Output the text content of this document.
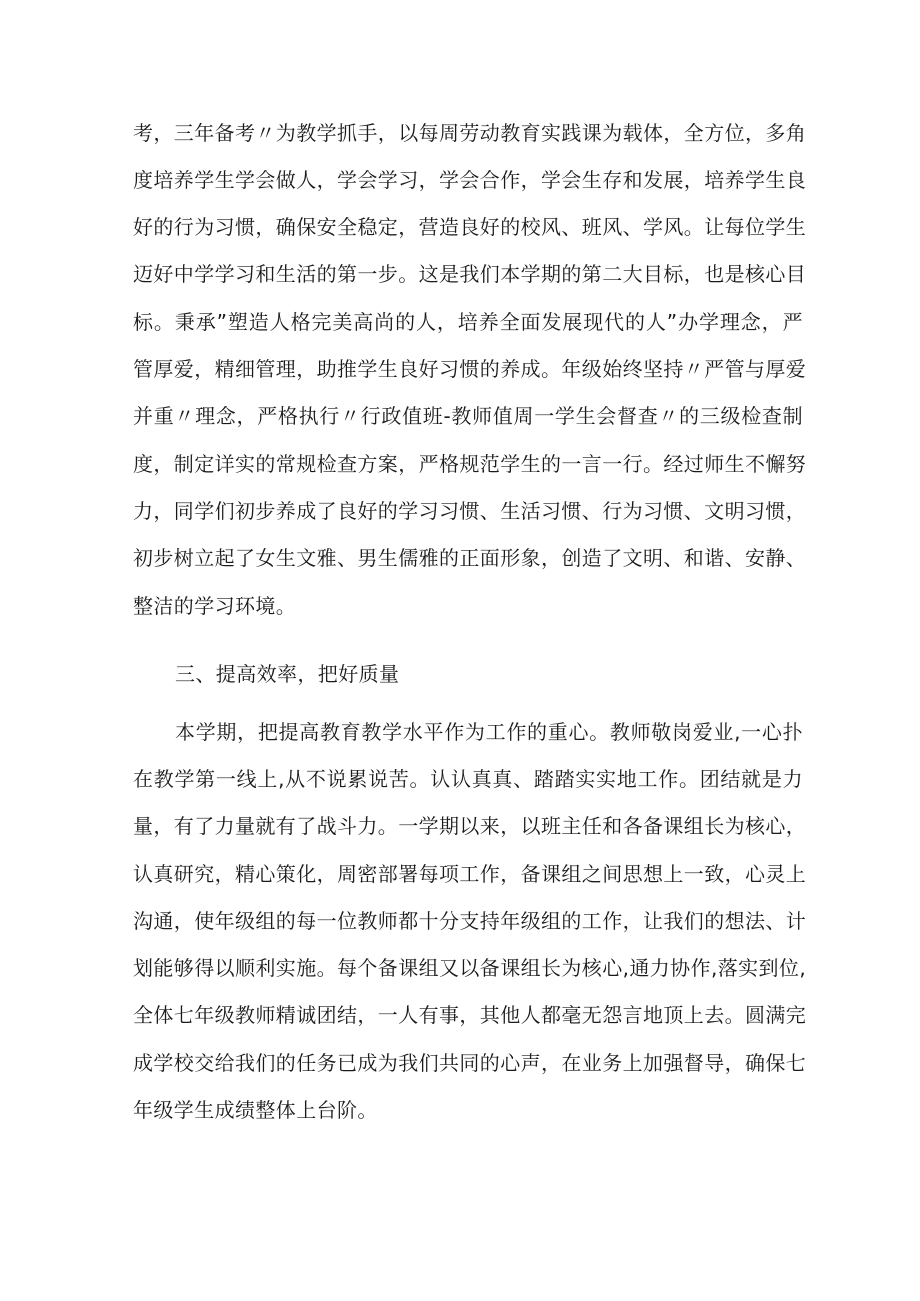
考，三年备考〃为教学抓手，以每周劳动教育实践课为载体，全方位，多角
度培养学生学会做人，学会学习，学会合作，学会生存和发展，培养学生良
好的行为习惯，确保安全稳定，营造良好的校风、班风、学风。让每位学生
迈好中学学习和生活的第一步。这是我们本学期的第二大目标，也是核心目
标。秉承”塑造人格完美高尚的人，培养全面发展现代的人”办学理念，严
管厚爱，精细管理，助推学生良好习惯的养成。年级始终坚持〃严管与厚爱
并重〃理念，严格执行〃行政值班-教师值周一学生会督查〃的三级检查制
度，制定详实的常规检查方案，严格规范学生的一言一行。经过师生不懈努
力，同学们初步养成了良好的学习习惯、生活习惯、行为习惯、文明习惯，
初步树立起了女生文雅、男生儒雅的正面形象，创造了文明、和谐、安静、
整洁的学习环境。
三、提高效率，把好质量
本学期，把提高教育教学水平作为工作的重心。教师敬岗爱业,一心扑
在教学第一线上,从不说累说苦。认认真真、踏踏实实地工作。团结就是力
量，有了力量就有了战斗力。一学期以来，以班主任和各备课组长为核心，
认真研究，精心策化，周密部署每项工作，备课组之间思想上一致，心灵上
沟通，使年级组的每一位教师都十分支持年级组的工作，让我们的想法、计
划能够得以顺利实施。每个备课组又以备课组长为核心,通力协作,落实到位,
全体七年级教师精诚团结，一人有事，其他人都毫无怨言地顶上去。圆满完
成学校交给我们的任务已成为我们共同的心声，在业务上加强督导，确保七
年级学生成绩整体上台阶。
